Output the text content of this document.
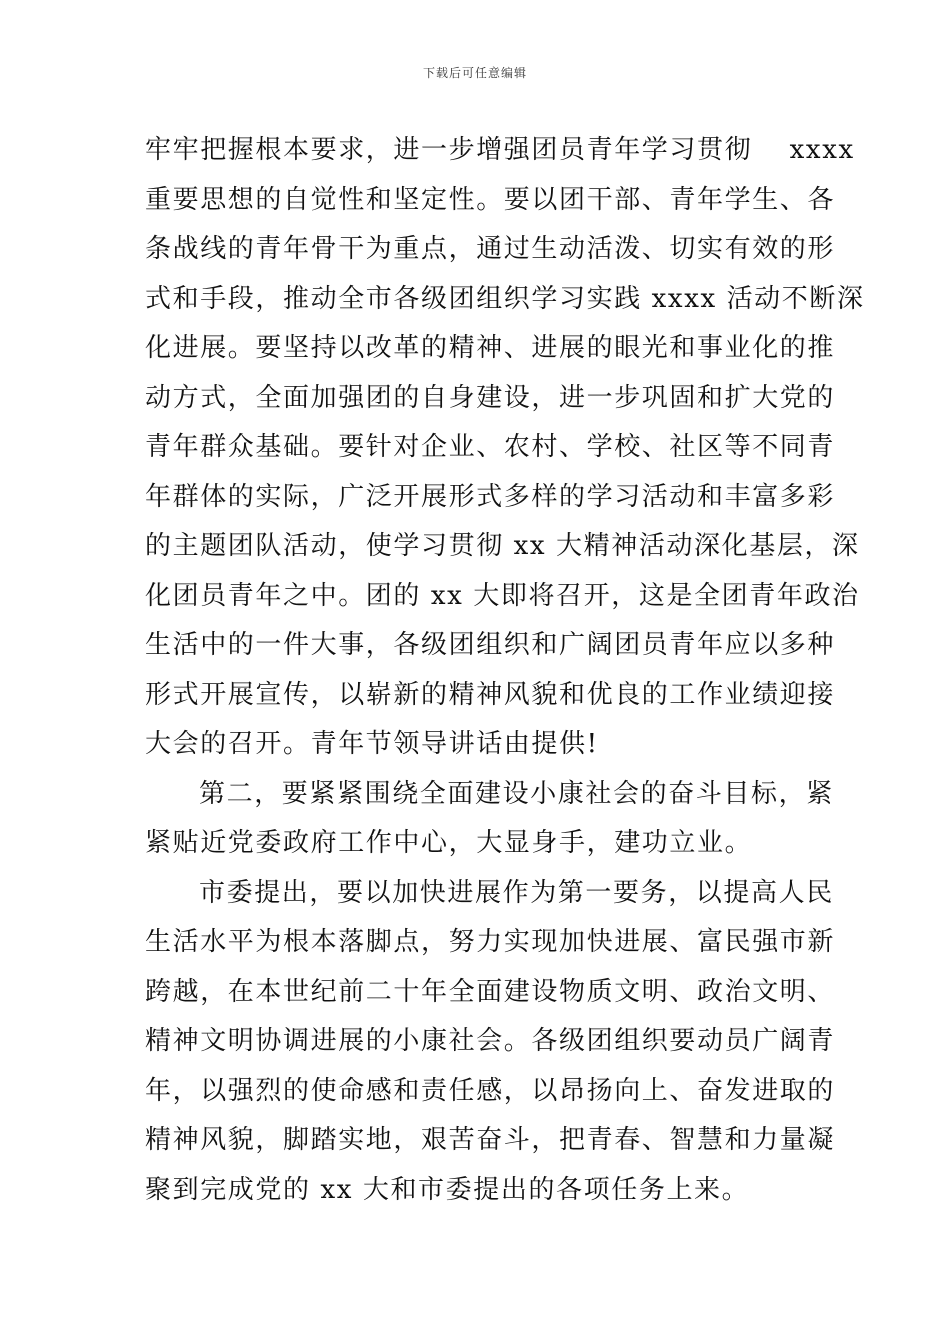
下载后可任意编辑
牢牢把握根本要求，进一步增强团员青年学习贯彻　 xxxx
重要思想的自觉性和坚定性。要以团干部、青年学生、各
条战线的青年骨干为重点，通过生动活泼、切实有效的形
式和手段，推动全市各级团组织学习实践 xxxx 活动不断深
化进展。要坚持以改革的精神、进展的眼光和事业化的推
动方式，全面加强团的自身建设，进一步巩固和扩大党的
青年群众基础。要针对企业、农村、学校、社区等不同青
年群体的实际，广泛开展形式多样的学习活动和丰富多彩
的主题团队活动，使学习贯彻 xx 大精神活动深化基层，深
化团员青年之中。团的 xx 大即将召开，这是全团青年政治
生活中的一件大事，各级团组织和广阔团员青年应以多种
形式开展宣传，以崭新的精神风貌和优良的工作业绩迎接
大会的召开。青年节领导讲话由提供!
第二，要紧紧围绕全面建设小康社会的奋斗目标，紧
紧贴近党委政府工作中心，大显身手，建功立业。
市委提出，要以加快进展作为第一要务，以提高人民
生活水平为根本落脚点，努力实现加快进展、富民强市新
跨越，在本世纪前二十年全面建设物质文明、政治文明、
精神文明协调进展的小康社会。各级团组织要动员广阔青
年，以强烈的使命感和责任感，以昂扬向上、奋发进取的
精神风貌，脚踏实地，艰苦奋斗，把青春、智慧和力量凝
聚到完成党的 xx 大和市委提出的各项任务上来。
